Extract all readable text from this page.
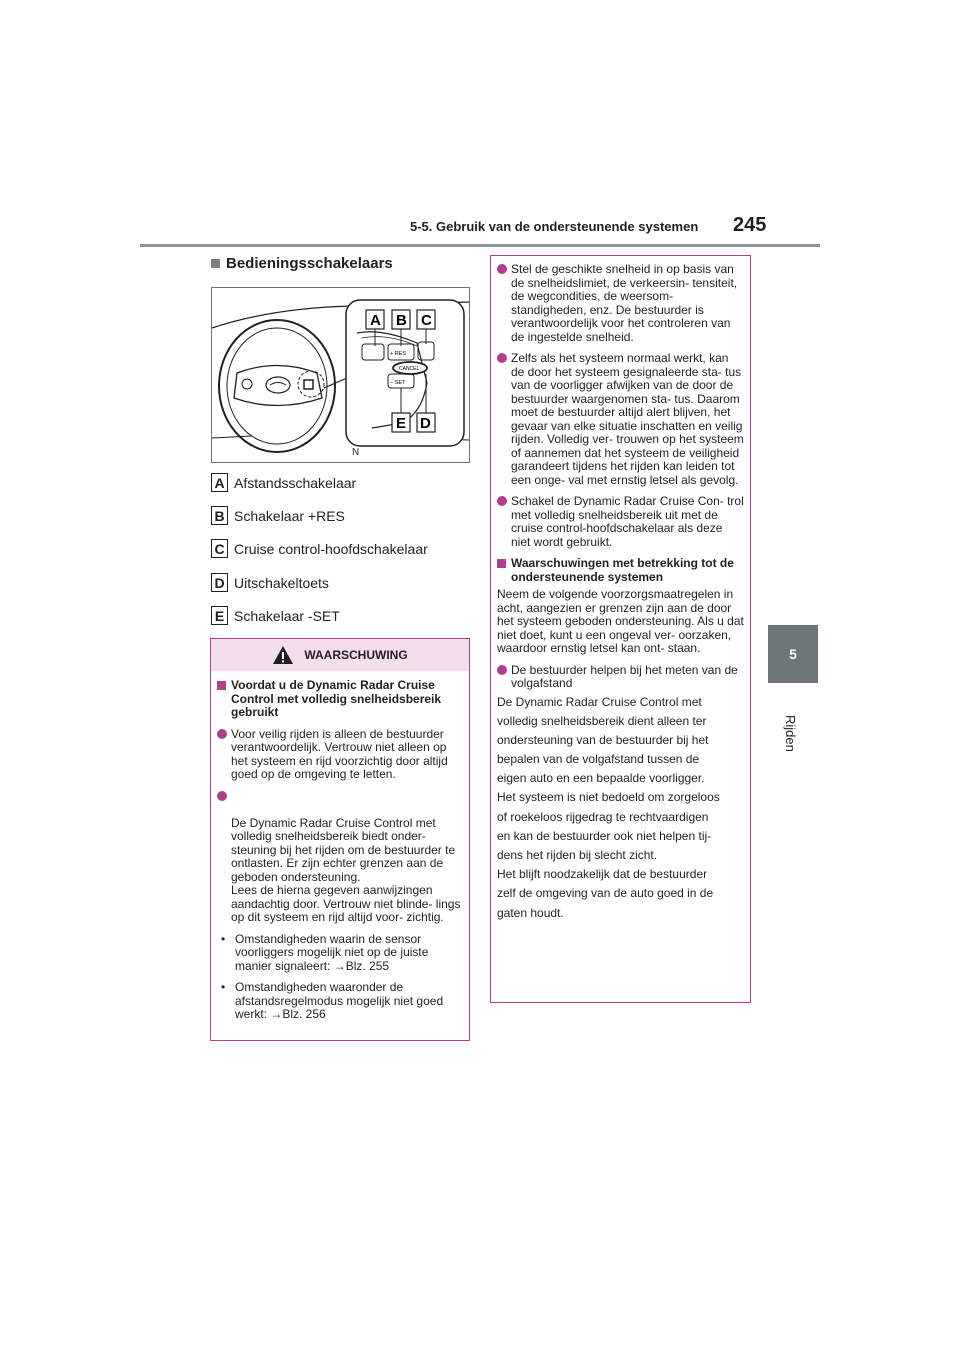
5-5. Gebruik van de ondersteunende systemen 245
5
Rijden
Bedieningsschakelaars
+ RES
− SET
CANCEL
A B C
E D
N
A Afstandsschakelaar
B Schakelaar +RES
C Cruise control-hoofdschakelaar
D Uitschakeltoets
E Schakelaar -SET
WAARSCHUWING
Voordat u de Dynamic Radar Cruise Control met volledig snelheidsbereik gebruikt
Voor veilig rijden is alleen de bestuurder verantwoordelijk. Vertrouw niet alleen op het systeem en rijd voorzichtig door altijd goed op de omgeving te letten.

De Dynamic Radar Cruise Control met volledig snelheidsbereik biedt onder- steuning bij het rijden om de bestuurder te ontlasten. Er zijn echter grenzen aan de geboden ondersteuning.
Lees de hierna gegeven aanwijzingen aandachtig door. Vertrouw niet blinde- lings op dit systeem en rijd altijd voor- zichtig.

• Omstandigheden waarin de sensor voorliggers mogelijk niet op de juiste manier signaleert: →Blz. 255
• Omstandigheden waaronder de afstandsregelmodus mogelijk niet goed werkt: →Blz. 256
Stel de geschikte snelheid in op basis van de snelheidslimiet, de verkeersin- tensiteit, de wegcondities, de weersom- standigheden, enz. De bestuurder is verantwoordelijk voor het controleren van de ingestelde snelheid.
Zelfs als het systeem normaal werkt, kan de door het systeem gesignaleerde sta- tus van de voorligger afwijken van de door de bestuurder waargenomen sta- tus. Daarom moet de bestuurder altijd alert blijven, het gevaar van elke situatie inschatten en veilig rijden. Volledig ver- trouwen op het systeem of aannemen dat het systeem de veiligheid garandeert tijdens het rijden kan leiden tot een onge- val met ernstig letsel als gevolg.
Schakel de Dynamic Radar Cruise Con- trol met volledig snelheidsbereik uit met de cruise control-hoofdschakelaar als deze niet wordt gebruikt.
Waarschuwingen met betrekking tot de ondersteunende systemen
Neem de volgende voorzorgsmaatregelen in acht, aangezien er grenzen zijn aan de door het systeem geboden ondersteuning. Als u dat niet doet, kunt u een ongeval ver- oorzaken, waardoor ernstig letsel kan ont- staan.
De bestuurder helpen bij het meten van de volgafstand
De Dynamic Radar Cruise Control met
volledig snelheidsbereik dient alleen ter
ondersteuning van de bestuurder bij het
bepalen van de volgafstand tussen de
eigen auto en een bepaalde voorligger.
Het systeem is niet bedoeld om zorgeloos
of roekeloos rijgedrag te rechtvaardigen
en kan de bestuurder ook niet helpen tij-
dens het rijden bij slecht zicht.
Het blijft noodzakelijk dat de bestuurder
zelf de omgeving van de auto goed in de
gaten houdt.
